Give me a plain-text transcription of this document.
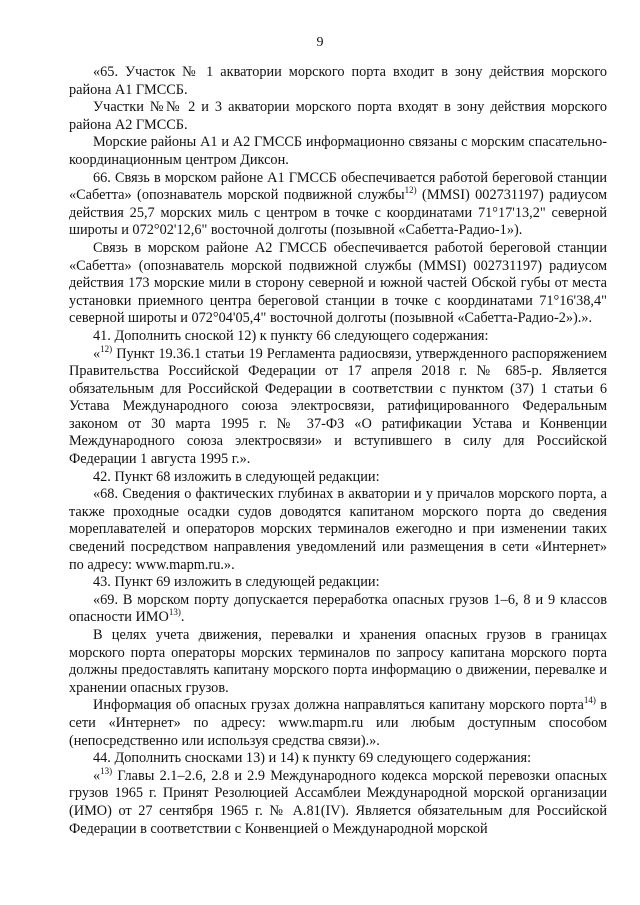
9

«65. Участок № 1 акватории морского порта входит в зону действия морского района А1 ГМССБ.

Участки №№ 2 и 3 акватории морского порта входят в зону действия морского района А2 ГМССБ.

Морские районы А1 и А2 ГМССБ информационно связаны с морским спасательно-координационным центром Диксон.

66. Связь в морском районе А1 ГМССБ обеспечивается работой береговой станции «Сабетта» (опознаватель морской подвижной службы$^{12)}$ (MMSI) 002731197) радиусом действия 25,7 морских миль с центром в точке с координатами 71°17'13,2" северной широты и 072°02'12,6" восточной долготы (позывной «Сабетта-Радио-1»).

Связь в морском районе А2 ГМССБ обеспечивается работой береговой станции «Сабетта» (опознаватель морской подвижной службы (MMSI) 002731197) радиусом действия 173 морские мили в сторону северной и южной частей Обской губы от места установки приемного центра береговой станции в точке с координатами 71°16'38,4" северной широты и 072°04'05,4" восточной долготы (позывной «Сабетта-Радио-2»).».

41. Дополнить сноской 12) к пункту 66 следующего содержания:

«$^{12)}$ Пункт 19.36.1 статьи 19 Регламента радиосвязи, утвержденного распоряжением Правительства Российской Федерации от 17 апреля 2018 г. № 685-р. Является обязательным для Российской Федерации в соответствии с пунктом (37) 1 статьи 6 Устава Международного союза электросвязи, ратифицированного Федеральным законом от 30 марта 1995 г. № 37-ФЗ «О ратификации Устава и Конвенции Международного союза электросвязи» и вступившего в силу для Российской Федерации 1 августа 1995 г.».

42. Пункт 68 изложить в следующей редакции:

«68. Сведения о фактических глубинах в акватории и у причалов морского порта, а также проходные осадки судов доводятся капитаном морского порта до сведения мореплавателей и операторов морских терминалов ежегодно и при изменении таких сведений посредством направления уведомлений или размещения в сети «Интернет» по адресу: www.mapm.ru.».

43. Пункт 69 изложить в следующей редакции:

«69. В морском порту допускается переработка опасных грузов 1–6, 8 и 9 классов опасности ИМО$^{13)}$.

В целях учета движения, перевалки и хранения опасных грузов в границах морского порта операторы морских терминалов по запросу капитана морского порта должны предоставлять капитану морского порта информацию о движении, перевалке и хранении опасных грузов.

Информация об опасных грузах должна направляться капитану морского порта$^{14)}$ в сети «Интернет» по адресу: www.mapm.ru или любым доступным способом (непосредственно или используя средства связи).».

44. Дополнить сносками 13) и 14) к пункту 69 следующего содержания:

«$^{13)}$ Главы 2.1–2.6, 2.8 и 2.9 Международного кодекса морской перевозки опасных грузов 1965 г. Принят Резолюцией Ассамблеи Международной морской организации (ИМО) от 27 сентября 1965 г. № А.81(IV). Является обязательным для Российской Федерации в соответствии с Конвенцией о Международной морской
